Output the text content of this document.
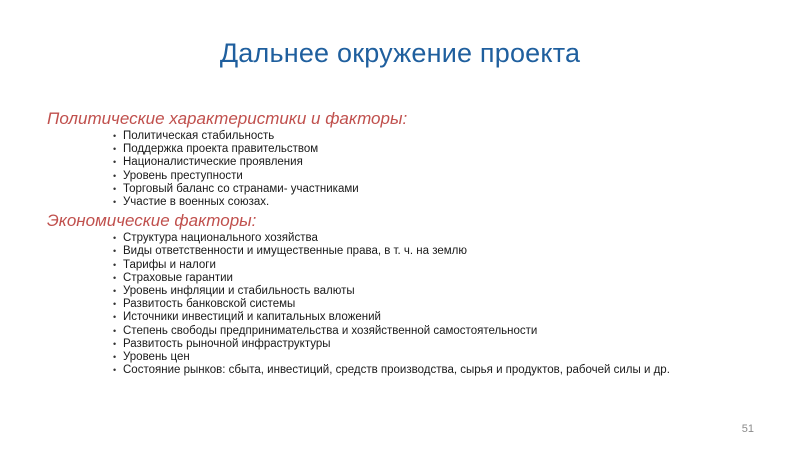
Дальнее окружение проекта

Политические характеристики и факторы:

• Политическая стабильность
• Поддержка проекта правительством
• Националистические проявления
• Уровень преступности
• Торговый баланс со странами- участниками
• Участие в военных союзах.

Экономические факторы:

• Структура национального хозяйства
• Виды ответственности и имущественные права, в т. ч. на землю
• Тарифы и налоги
• Страховые гарантии
• Уровень инфляции и стабильность валюты
• Развитость банковской системы
• Источники инвестиций и капитальных вложений
• Степень свободы предпринимательства и хозяйственной самостоятельности
• Развитость рыночной инфраструктуры
• Уровень цен
• Состояние рынков: сбыта, инвестиций, средств производства, сырья и продуктов, рабочей силы и др.
51
